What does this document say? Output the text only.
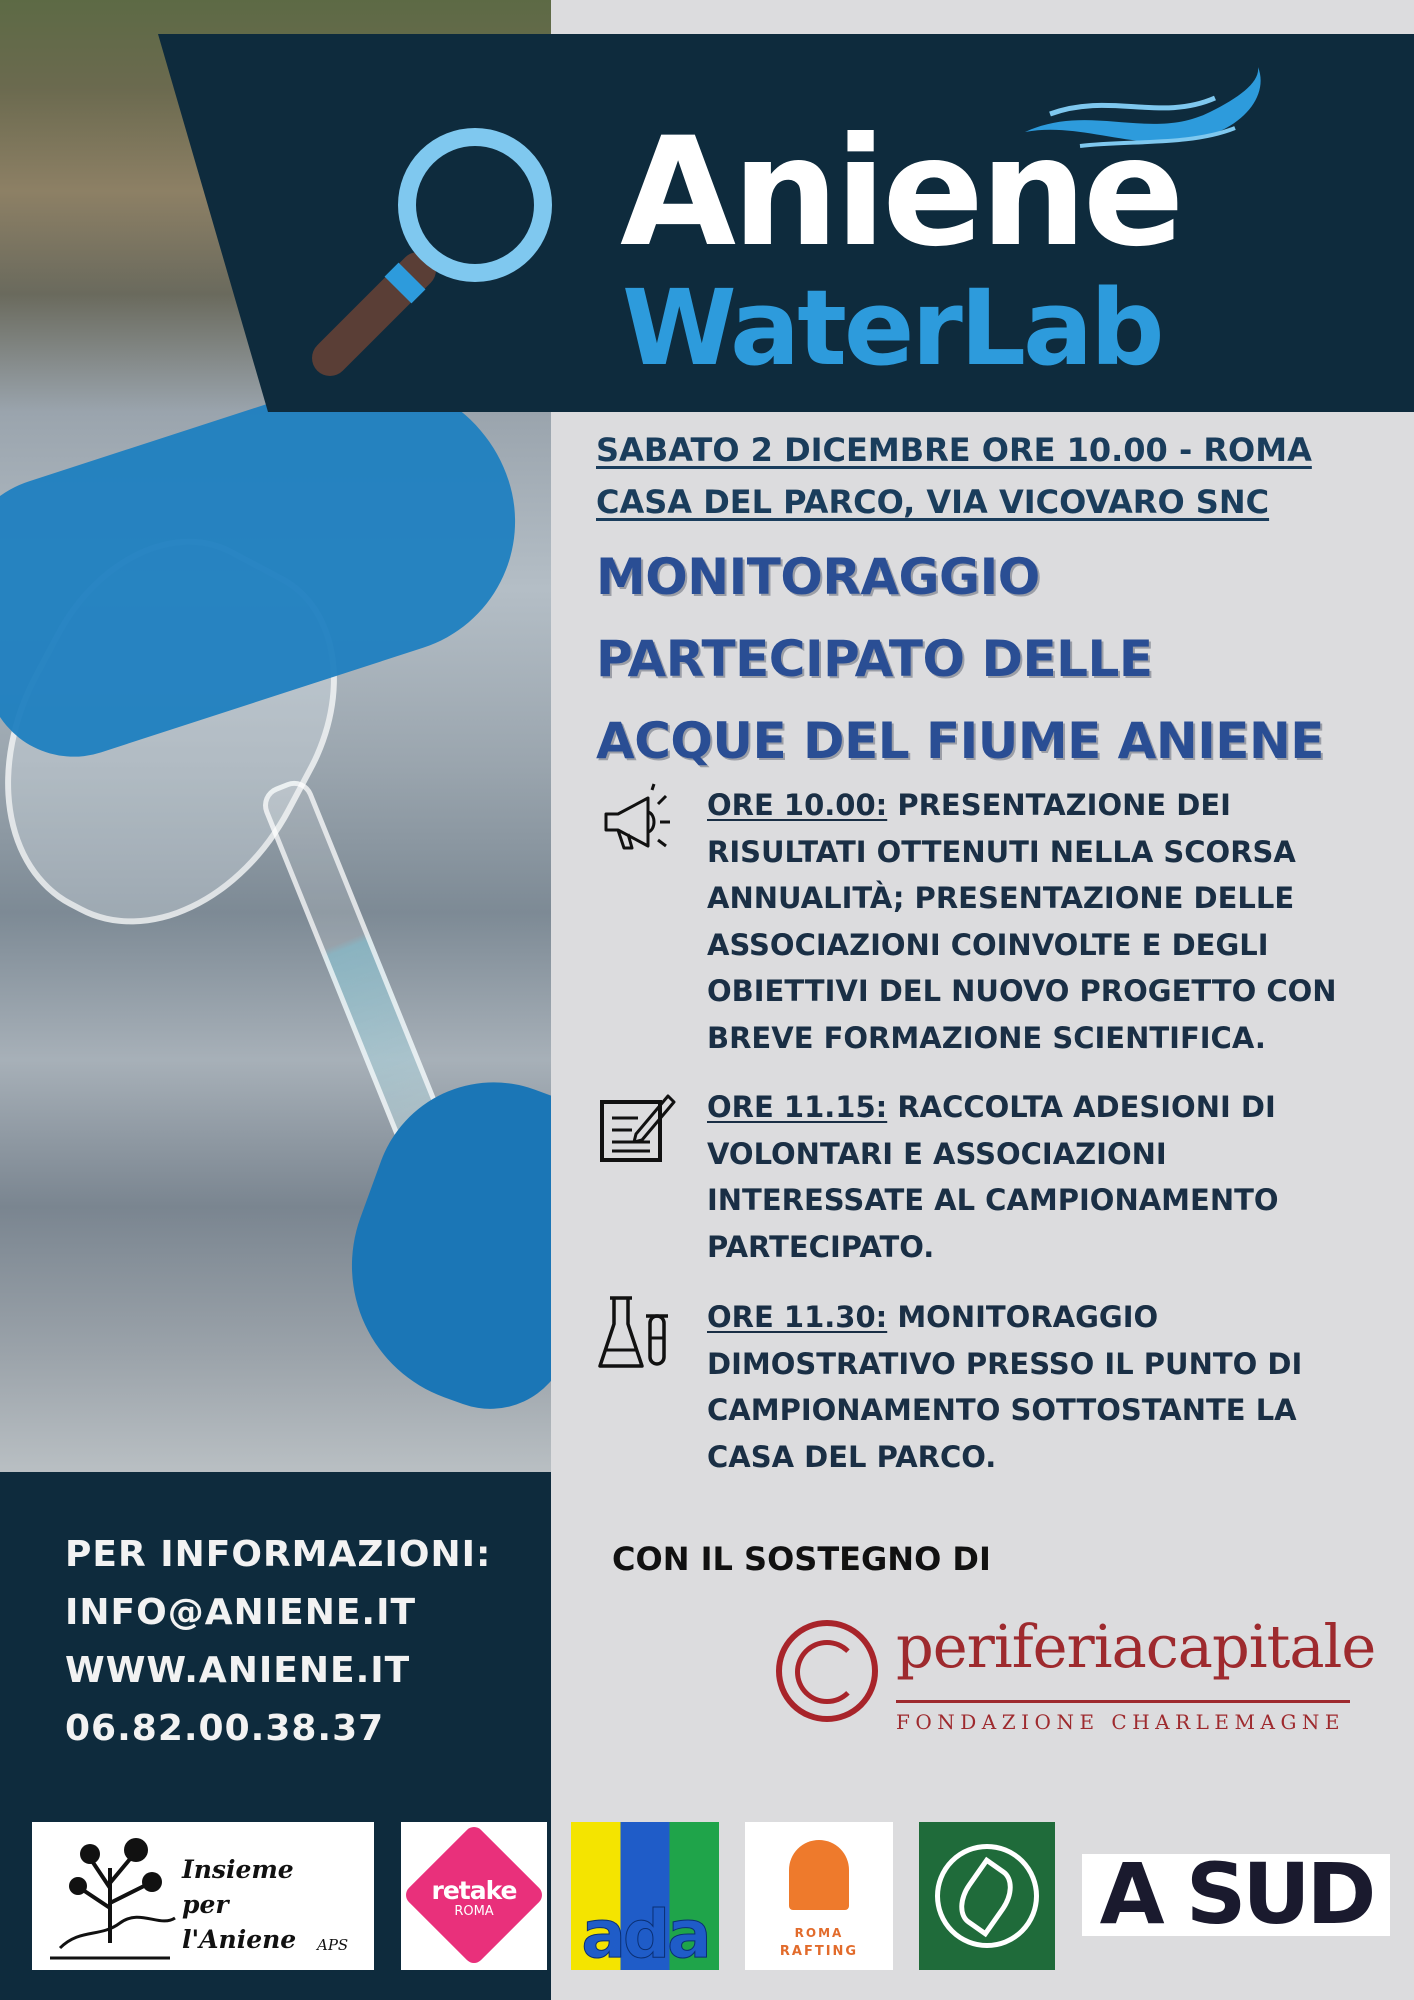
Aniene
WaterLab
SABATO 2 DICEMBRE ORE 10.00 - ROMA
CASA DEL PARCO, VIA VICOVARO SNC
MONITORAGGIO
PARTECIPATO DELLE
ACQUE DEL FIUME ANIENE
ORE 10.00: PRESENTAZIONE DEI RISULTATI OTTENUTI NELLA SCORSA ANNUALITÀ; PRESENTAZIONE DELLE ASSOCIAZIONI COINVOLTE E DEGLI OBIETTIVI DEL NUOVO PROGETTO CON BREVE FORMAZIONE SCIENTIFICA.
ORE 11.15: RACCOLTA ADESIONI DI VOLONTARI E ASSOCIAZIONI INTERESSATE AL CAMPIONAMENTO PARTECIPATO.
ORE 11.30: MONITORAGGIO DIMOSTRATIVO PRESSO IL PUNTO DI CAMPIONAMENTO SOTTOSTANTE LA CASA DEL PARCO.
CON IL SOSTEGNO DI
periferiacapitale
FONDAZIONE CHARLEMAGNE
PER INFORMAZIONI:
INFO@ANIENE.IT
WWW.ANIENE.IT
06.82.00.38.37
Insieme
per
l'Aniene APS
retake
ROMA	ada	ROMA
RAFTING
A SUD
